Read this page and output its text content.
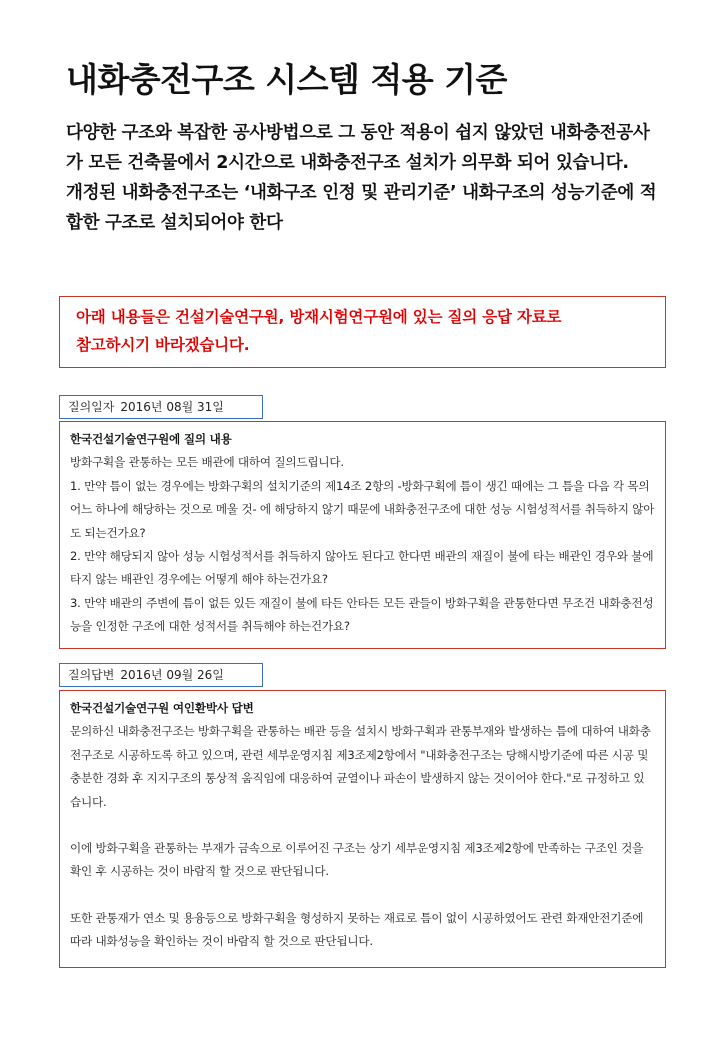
내화충전구조 시스템 적용 기준

다양한 구조와 복잡한 공사방법으로 그 동안 적용이 쉽지 않았던 내화충전공사가 모든 건축물에서 2시간으로 내화충전구조 설치가 의무화 되어 있습니다.

개정된 내화충전구조는 ‘내화구조 인정 및 관리기준’ 내화구조의 성능기준에 적합한 구조로 설치되어야 한다

아래 내용들은 건설기술연구원, 방재시험연구원에 있는 질의 응답 자료로

참고하시기 바라겠습니다.

질의일자 2016년 08월 31일

한국건설기술연구원에 질의 내용

방화구획을 관통하는 모든 배관에 대하여 질의드립니다.

1. 만약 틈이 없는 경우에는 방화구획의 설치기준의 제14조 2항의 -방화구획에 틈이 생긴 때에는 그 틈을 다음 각 목의 어느 하나에 해당하는 것으로 메울 것- 에 해당하지 않기 때문에 내화충전구조에 대한 성능 시험성적서를 취득하지 않아도 되는건가요?

2. 만약 해당되지 않아 성능 시험성적서를 취득하지 않아도 된다고 한다면 배관의 재질이 불에 타는 배관인 경우와 불에 타지 않는 배관인 경우에는 어떻게 해야 하는건가요?

3. 만약 배관의 주변에 틈이 없든 있든 재질이 불에 타든 안타든 모든 관들이 방화구획을 관통한다면 무조건 내화충전성능을 인정한 구조에 대한 성적서를 취득해야 하는건가요?

질의답변 2016년 09월 26일

한국건설기술연구원 여인환박사 답변

문의하신 내화충전구조는 방화구획을 관통하는 배관 등을 설치시 방화구획과 관통부재와 발생하는 틈에 대하여 내화충전구조로 시공하도록 하고 있으며, 관련 세부운영지침 제3조제2항에서 "내화충전구조는 당해시방기준에 따른 시공 및 충분한 경화 후 지지구조의 통상적 움직임에 대응하여 균열이나 파손이 발생하지 않는 것이어야 한다."로 규정하고 있습니다.

이에 방화구획을 관통하는 부재가 금속으로 이루어진 구조는 상기 세부운영지침 제3조제2항에 만족하는 구조인 것을 확인 후 시공하는 것이 바람직 할 것으로 판단됩니다.

또한 관통재가 연소 및 용융등으로 방화구획을 형성하지 못하는 재료로 틈이 없이 시공하였어도 관련 화재안전기준에 따라 내화성능을 확인하는 것이 바람직 할 것으로 판단됩니다.
